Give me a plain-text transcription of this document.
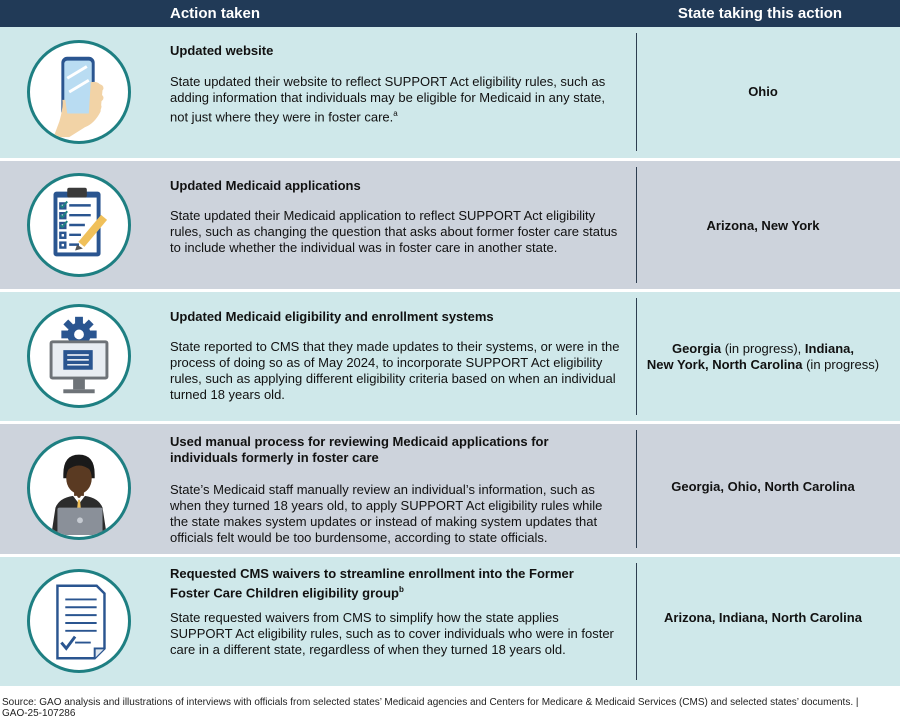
Action taken	State taking this action
Updated website
State updated their website to reflect SUPPORT Act eligibility rules, such as adding information that individuals may be eligible for Medicaid in any state, not just where they were in foster care.$^a$
Ohio
Updated Medicaid applications
State updated their Medicaid application to reflect SUPPORT Act eligibility rules, such as changing the question that asks about former foster care status to include whether the individual was in foster care in another state.
Arizona, New York
Updated Medicaid eligibility and enrollment systems
State reported to CMS that they made updates to their systems, or were in the process of doing so as of May 2024, to incorporate SUPPORT Act eligibility rules, such as applying different eligibility criteria based on when an individual turned 18 years old.
Georgia (in progress), Indiana,
New York, North Carolina (in progress)
Used manual process for reviewing Medicaid applications for individuals formerly in foster care
State’s Medicaid staff manually review an individual’s information, such as when they turned 18 years old, to apply SUPPORT Act eligibility rules while the state makes system updates or instead of making system updates that officials felt would be too burdensome, according to state officials.
Georgia, Ohio, North Carolina
Requested CMS waivers to streamline enrollment into the Former Foster Care Children eligibility group$^b$
State requested waivers from CMS to simplify how the state applies SUPPORT Act eligibility rules, such as to cover individuals who were in foster care in a different state, regardless of when they turned 18 years old.
Arizona, Indiana, North Carolina
Source: GAO analysis and illustrations of interviews with officials from selected states’ Medicaid agencies and Centers for Medicare & Medicaid Services (CMS) and selected states’ documents. | GAO-25-107286
